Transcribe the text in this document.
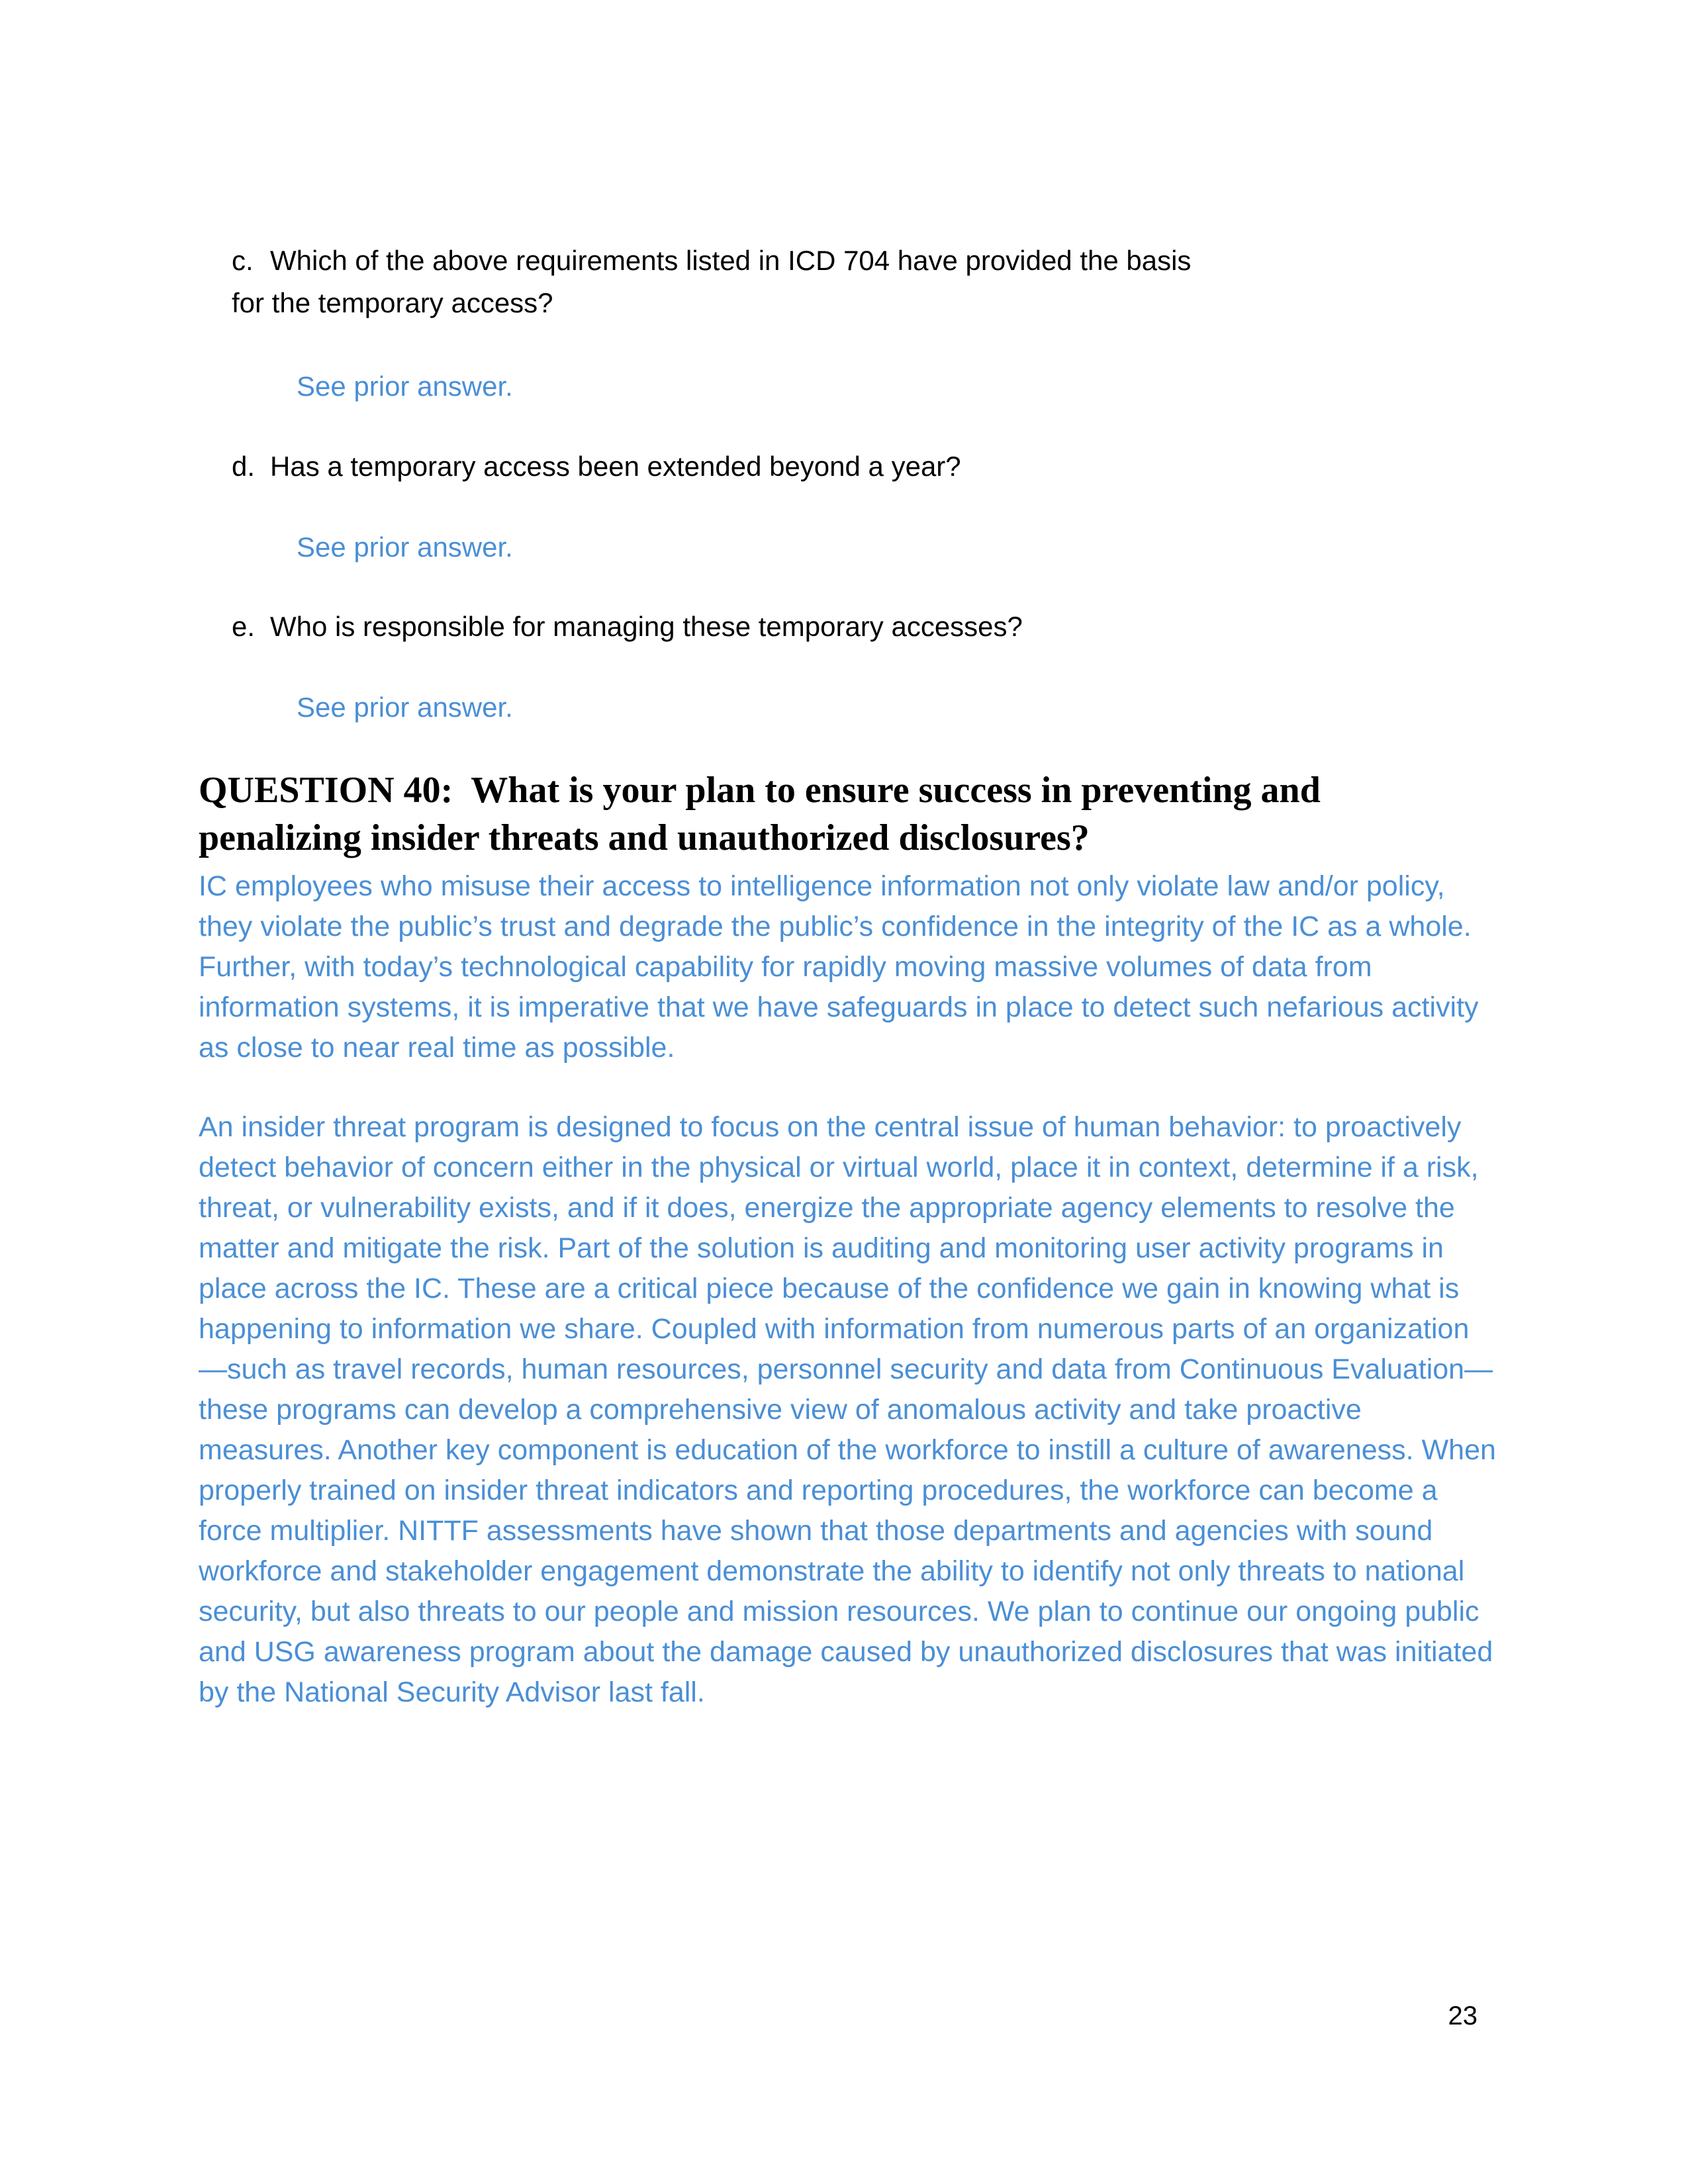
c. Which of the above requirements listed in ICD 704 have provided the basis for the temporary access?

See prior answer.

d. Has a temporary access been extended beyond a year?

See prior answer.

e. Who is responsible for managing these temporary accesses?

See prior answer.

QUESTION 40: What is your plan to ensure success in preventing and penalizing insider threats and unauthorized disclosures?

IC employees who misuse their access to intelligence information not only violate law and/or policy, they violate the public’s trust and degrade the public’s confidence in the integrity of the IC as a whole. Further, with today’s technological capability for rapidly moving massive volumes of data from information systems, it is imperative that we have safeguards in place to detect such nefarious activity as close to near real time as possible.

An insider threat program is designed to focus on the central issue of human behavior: to proactively detect behavior of concern either in the physical or virtual world, place it in context, determine if a risk, threat, or vulnerability exists, and if it does, energize the appropriate agency elements to resolve the matter and mitigate the risk. Part of the solution is auditing and monitoring user activity programs in place across the IC. These are a critical piece because of the confidence we gain in knowing what is happening to information we share. Coupled with information from numerous parts of an organization—such as travel records, human resources, personnel security and data from Continuous Evaluation—these programs can develop a comprehensive view of anomalous activity and take proactive measures. Another key component is education of the workforce to instill a culture of awareness. When properly trained on insider threat indicators and reporting procedures, the workforce can become a force multiplier. NITTF assessments have shown that those departments and agencies with sound workforce and stakeholder engagement demonstrate the ability to identify not only threats to national security, but also threats to our people and mission resources. We plan to continue our ongoing public and USG awareness program about the damage caused by unauthorized disclosures that was initiated by the National Security Advisor last fall.

23
